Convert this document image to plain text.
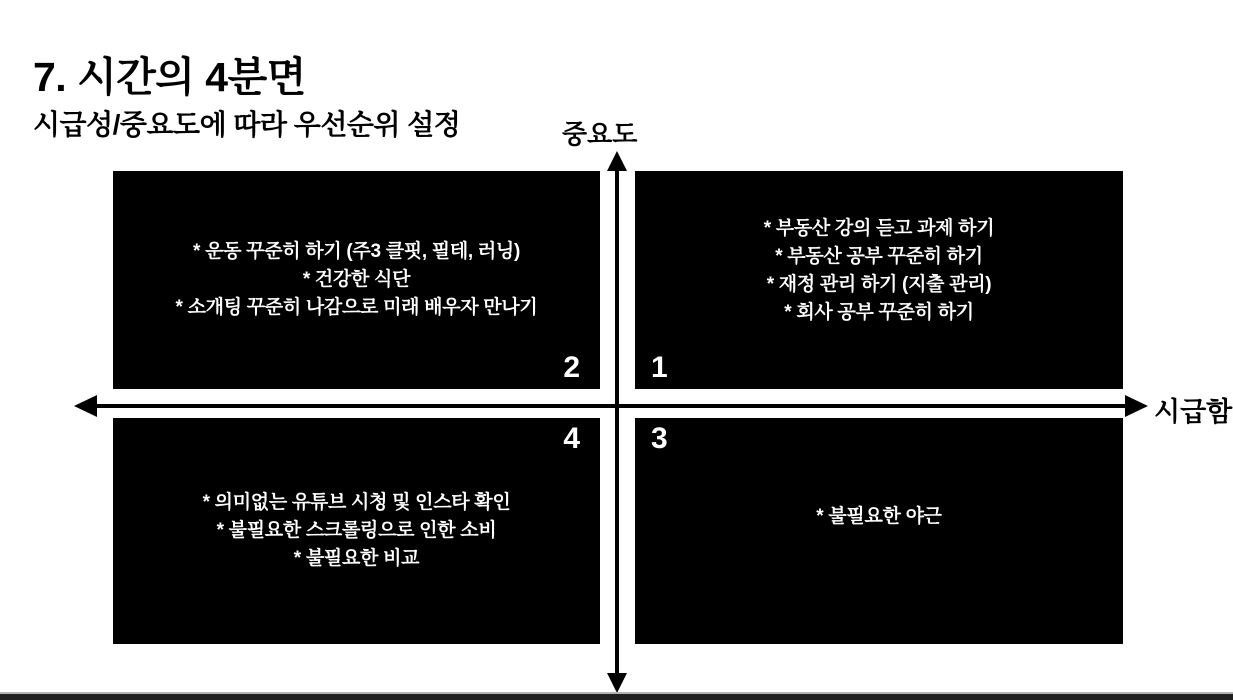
7. 시간의 4분면
시급성/중요도에 따라 우선순위 설정	중요도
시급함
* 부동산 강의 듣고 과제 하기
* 부동산 공부 꾸준히 하기
* 재정 관리 하기 (지출 관리)
* 회사 공부 꾸준히 하기
1
* 운동 꾸준히 하기 (주3 클핏, 필테, 러닝)
* 건강한 식단
* 소개팅 꾸준히 나감으로 미래 배우자 만나기
2
* 불필요한 야근
3
* 의미없는 유튜브 시청 및 인스타 확인
* 불필요한 스크롤링으로 인한 소비
* 불필요한 비교
4
